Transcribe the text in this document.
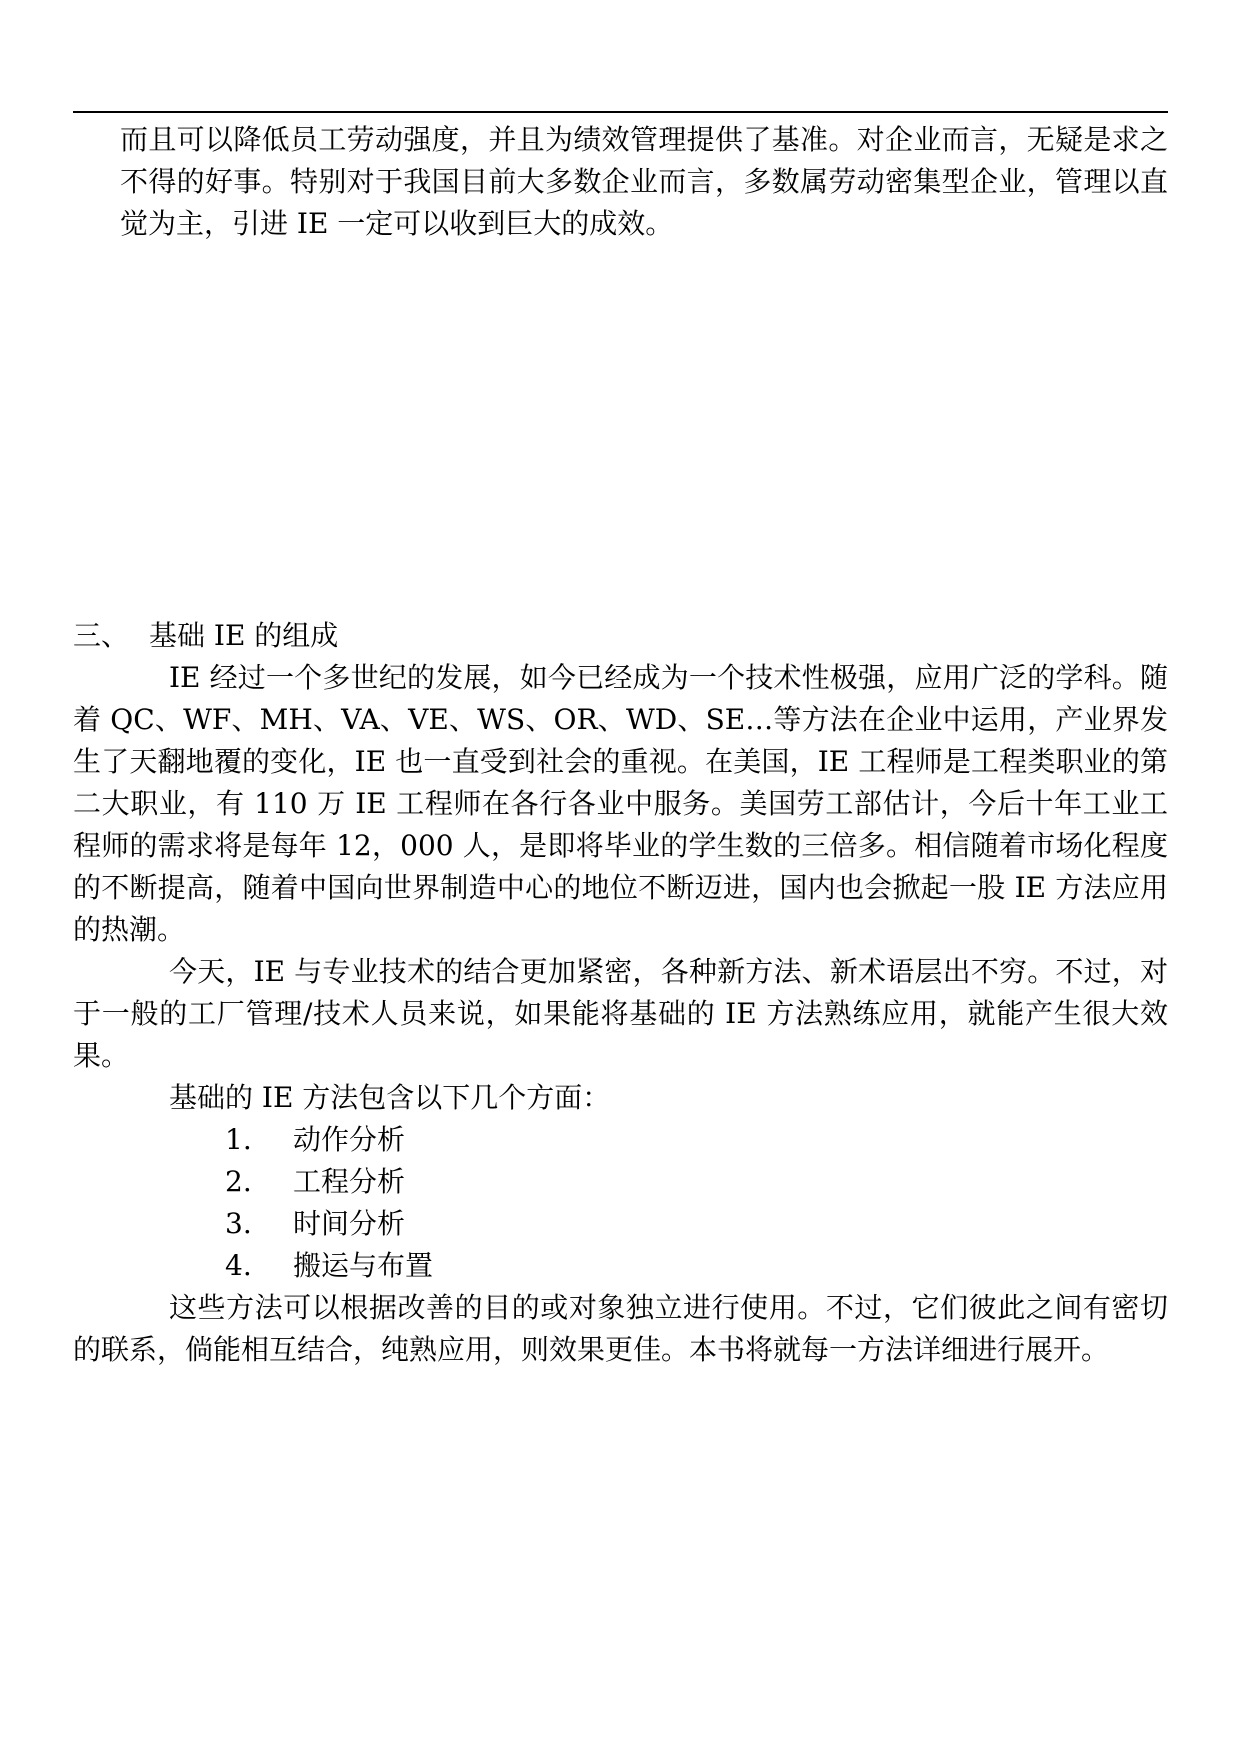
而且可以降低员工劳动强度，并且为绩效管理提供了基准。对企业而言，无疑是求之不得的好事。特别对于我国目前大多数企业而言，多数属劳动密集型企业，管理以直觉为主，引进 IE 一定可以收到巨大的成效。

三、 基础 IE 的组成

IE 经过一个多世纪的发展，如今已经成为一个技术性极强，应用广泛的学科。随着 QC、WF、MH、VA、VE、WS、OR、WD、SE…等方法在企业中运用，产业界发生了天翻地覆的变化，IE 也一直受到社会的重视。在美国，IE 工程师是工程类职业的第二大职业，有 110 万 IE 工程师在各行各业中服务。美国劳工部估计，今后十年工业工程师的需求将是每年 12，000 人，是即将毕业的学生数的三倍多。相信随着市场化程度的不断提高，随着中国向世界制造中心的地位不断迈进，国内也会掀起一股 IE 方法应用的热潮。

今天，IE 与专业技术的结合更加紧密，各种新方法、新术语层出不穷。不过，对于一般的工厂管理/技术人员来说，如果能将基础的 IE 方法熟练应用，就能产生很大效果。

基础的 IE 方法包含以下几个方面：

1. 动作分析
2. 工程分析
3. 时间分析
4. 搬运与布置

这些方法可以根据改善的目的或对象独立进行使用。不过，它们彼此之间有密切的联系，倘能相互结合，纯熟应用，则效果更佳。本书将就每一方法详细进行展开。
